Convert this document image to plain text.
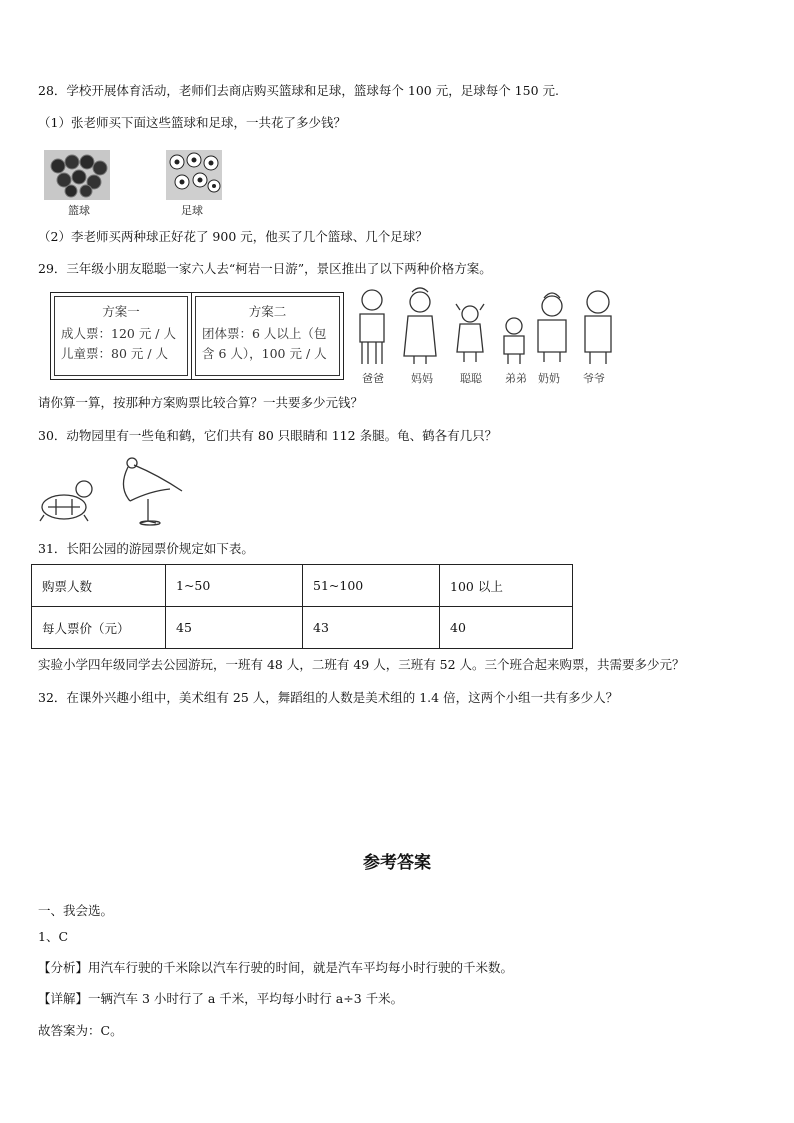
28．学校开展体育活动，老师们去商店购买篮球和足球，篮球每个 100 元，足球每个 150 元.
（1）张老师买下面这些篮球和足球，一共花了多少钱？
篮球	足球
（2）李老师买两种球正好花了 900 元，他买了几个篮球、几个足球？
29．三年级小朋友聪聪一家六人去“柯岩一日游”，景区推出了以下两种价格方案。
方案一
成人票：120 元 / 人
儿童票：80 元 / 人
方案二
团体票：6 人以上（包
含 6 人），100 元 / 人
爸爸 妈妈 聪聪 弟弟 奶奶 爷爷
请你算一算，按那种方案购票比较合算？一共要多少元钱？
30．动物园里有一些龟和鹤，它们共有 80 只眼睛和 112 条腿。龟、鹤各有几只？
31．长阳公园的游园票价规定如下表。
购票人数	1~50	51~100	100 以上
每人票价（元）	45	43	40
实验小学四年级同学去公园游玩，一班有 48 人，二班有 49 人，三班有 52 人。三个班合起来购票，共需要多少元？
32．在课外兴趣小组中，美术组有 25 人，舞蹈组的人数是美术组的 1.4 倍，这两个小组一共有多少人？
参考答案
一、我会选。
1、C
【分析】用汽车行驶的千米除以汽车行驶的时间，就是汽车平均每小时行驶的千米数。
【详解】一辆汽车 3 小时行了 a 千米，平均每小时行 a÷3 千米。
故答案为：C。
